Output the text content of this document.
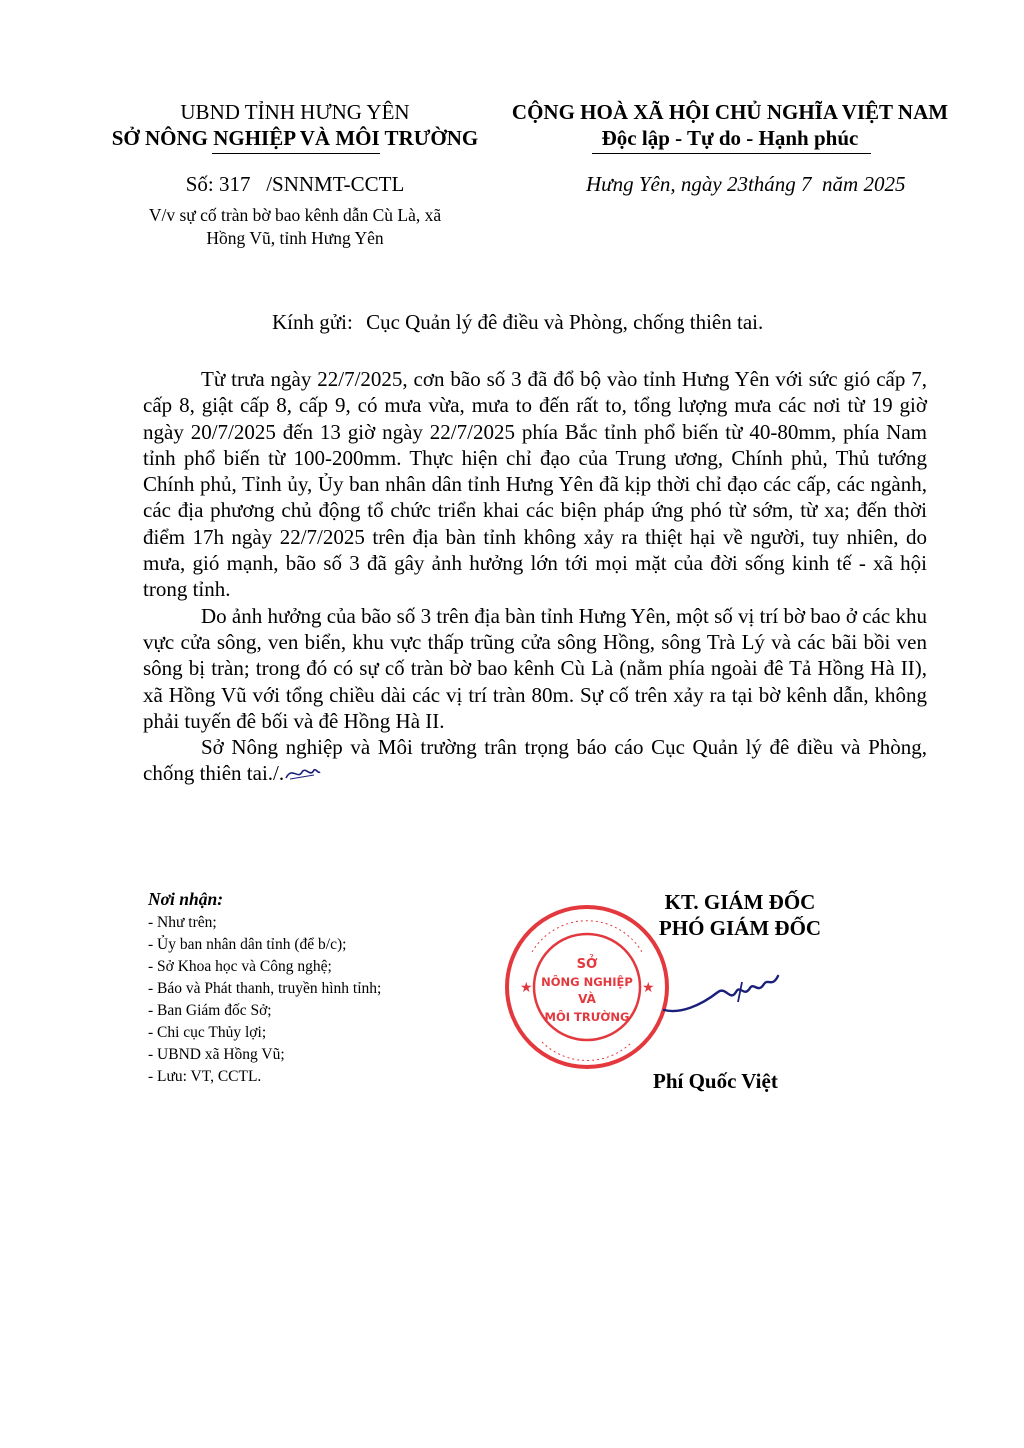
UBND TỈNH HƯNG YÊN
SỞ NÔNG NGHIỆP VÀ MÔI TRƯỜNG
Số: 317   /SNNMT-CCTL
V/v sự cố tràn bờ bao kênh dẫn Cù Là, xã
Hồng Vũ, tỉnh Hưng Yên
CỘNG HOÀ XÃ HỘI CHỦ NGHĨA VIỆT NAM
Độc lập - Tự do - Hạnh phúc
Hưng Yên, ngày 23tháng 7  năm 2025
Kính gửi: Cục Quản lý đê điều và Phòng, chống thiên tai.

Từ trưa ngày 22/7/2025, cơn bão số 3 đã đổ bộ vào tỉnh Hưng Yên với sức gió cấp 7, cấp 8, giật cấp 8, cấp 9, có mưa vừa, mưa to đến rất to, tổng lượng mưa các nơi từ 19 giờ ngày 20/7/2025 đến 13 giờ ngày 22/7/2025 phía Bắc tỉnh phổ biến từ 40-80mm, phía Nam tỉnh phổ biến từ 100-200mm. Thực hiện chỉ đạo của Trung ương, Chính phủ, Thủ tướng Chính phủ, Tỉnh ủy, Ủy ban nhân dân tỉnh Hưng Yên đã kịp thời chỉ đạo các cấp, các ngành, các địa phương chủ động tổ chức triển khai các biện pháp ứng phó từ sớm, từ xa; đến thời điểm 17h ngày 22/7/2025 trên địa bàn tỉnh không xảy ra thiệt hại về người, tuy nhiên, do mưa, gió mạnh, bão số 3 đã gây ảnh hưởng lớn tới mọi mặt của đời sống kinh tế - xã hội trong tỉnh.

Do ảnh hưởng của bão số 3 trên địa bàn tỉnh Hưng Yên, một số vị trí bờ bao ở các khu vực cửa sông, ven biển, khu vực thấp trũng cửa sông Hồng, sông Trà Lý và các bãi bồi ven sông bị tràn; trong đó có sự cố tràn bờ bao kênh Cù Là (nằm phía ngoài đê Tả Hồng Hà II), xã Hồng Vũ với tổng chiều dài các vị trí tràn 80m. Sự cố trên xảy ra tại bờ kênh dẫn, không phải tuyến đê bối và đê Hồng Hà II.

Sở Nông nghiệp và Môi trường trân trọng báo cáo Cục Quản lý đê điều và Phòng, chống thiên tai./.

Nơi nhận:
- Như trên;
- Ủy ban nhân dân tỉnh (để b/c);
- Sở Khoa học và Công nghệ;
- Báo và Phát thanh, truyền hình tỉnh;
- Ban Giám đốc Sở;
- Chi cục Thủy lợi;
- UBND xã Hồng Vũ;
- Lưu: VT, CCTL.
KT. GIÁM ĐỐC
PHÓ GIÁM ĐỐC
★	★
SỞ
NÔNG NGHIỆP
VÀ
MÔI TRƯỜNG
Phí Quốc Việt
